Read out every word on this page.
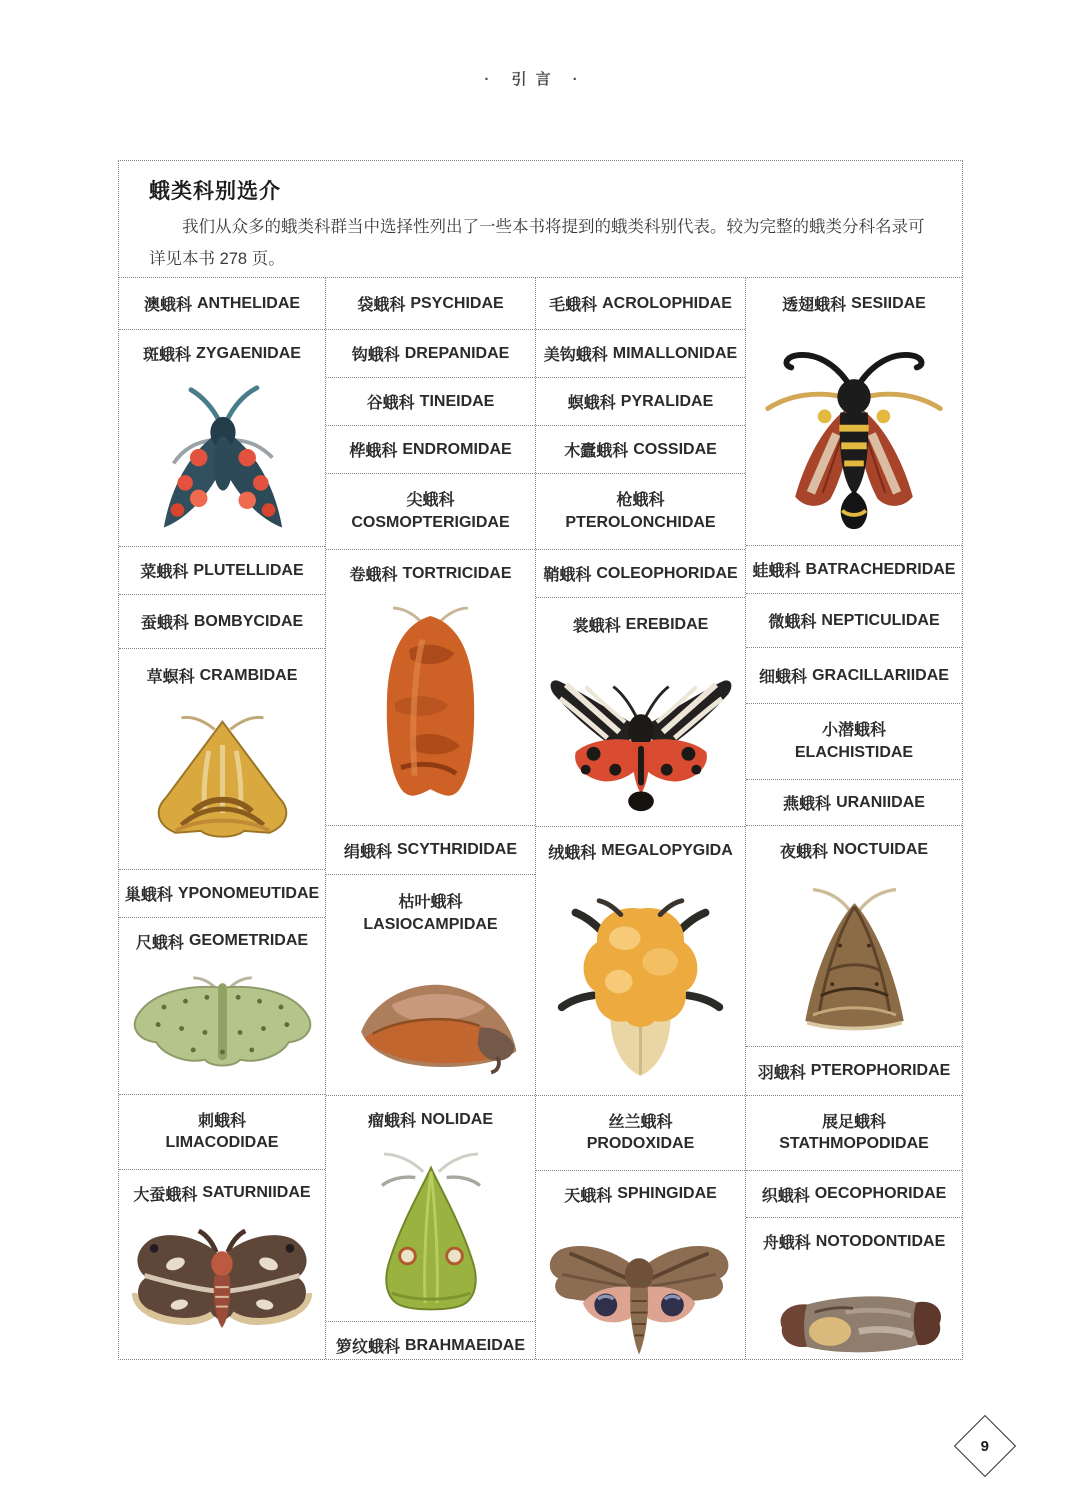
· 引言 ·
蛾类科别选介

我们从众多的蛾类科群当中选择性列出了一些本书将提到的蛾类科别代表。较为完整的蛾类分科名录可详见本书 278 页。

澳蛾科 ANTHELIDAE
斑蛾科 ZYGAENIDAE
菜蛾科 PLUTELLIDAE
蚕蛾科 BOMBYCIDAE
草螟科 CRAMBIDAE
巢蛾科 YPONOMEUTIDAE
尺蛾科 GEOMETRIDAE
刺蛾科
LIMACODIDAE
大蚕蛾科 SATURNIIDAE
袋蛾科 PSYCHIDAE
钩蛾科 DREPANIDAE
谷蛾科 TINEIDAE
桦蛾科 ENDROMIDAE
尖蛾科
COSMOPTERIGIDAE
卷蛾科 TORTRICIDAE
绢蛾科 SCYTHRIDIDAE
枯叶蛾科
LASIOCAMPIDAE
瘤蛾科 NOLIDAE
箩纹蛾科 BRAHMAEIDAE
毛蛾科 ACROLOPHIDAE
美钩蛾科 MIMALLONIDAE
螟蛾科 PYRALIDAE
木蠹蛾科 COSSIDAE
枪蛾科
PTEROLONCHIDAE
鞘蛾科 COLEOPHORIDAE
裳蛾科 EREBIDAE
绒蛾科 MEGALOPYGIDA
丝兰蛾科
PRODOXIDAE
天蛾科 SPHINGIDAE
透翅蛾科 SESIIDAE
蛙蛾科 BATRACHEDRIDAE
微蛾科 NEPTICULIDAE
细蛾科 GRACILLARIIDAE
小潜蛾科
ELACHISTIDAE
燕蛾科 URANIIDAE
夜蛾科 NOCTUIDAE
羽蛾科 PTEROPHORIDAE
展足蛾科
STATHMOPODIDAE
织蛾科 OECOPHORIDAE
舟蛾科 NOTODONTIDAE
9
